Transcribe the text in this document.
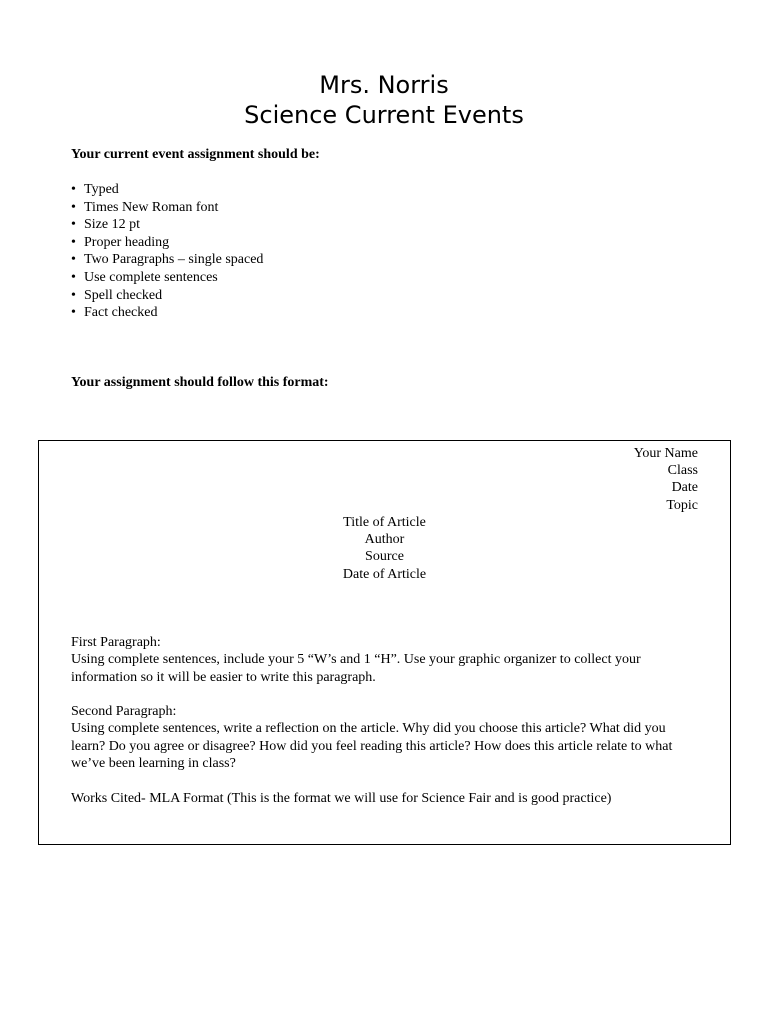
Mrs. Norris
Science Current Events

Your current event assignment should be:

• Typed
• Times New Roman font
• Size 12 pt
• Proper heading
• Two Paragraphs – single spaced
• Use complete sentences
• Spell checked
• Fact checked

Your assignment should follow this format:

Your Name
Class
Date
Topic
Title of Article
Author
Source
Date of Article

First Paragraph:

Using complete sentences, include your 5 “W’s and 1 “H”. Use your graphic organizer to collect your information so it will be easier to write this paragraph.

Second Paragraph:

Using complete sentences, write a reflection on the article. Why did you choose this article? What did you learn? Do you agree or disagree? How did you feel reading this article? How does this article relate to what we’ve been learning in class?

Works Cited- MLA Format (This is the format we will use for Science Fair and is good practice)
